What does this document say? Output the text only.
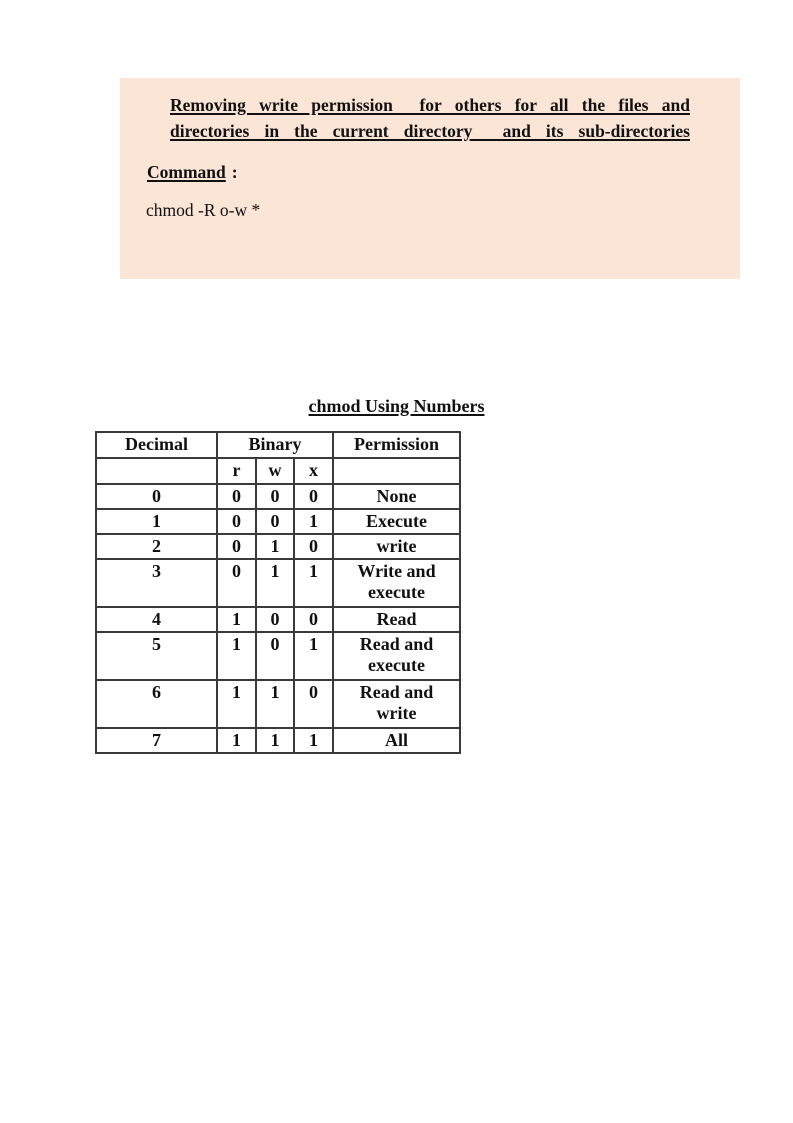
Removing write permission  for others for all the files and
directories in the current directory  and its sub-directories

Command :

chmod -R o-w *

chmod Using Numbers
Decimal	Binary			Permission
	r	w	x	
0	0	0	0	None
1	0	0	1	Execute
2	0	1	0	write
3	0	1	1	Write and execute
4	1	0	0	Read
5	1	0	1	Read and execute
6	1	1	0	Read and write
7	1	1	1	All
